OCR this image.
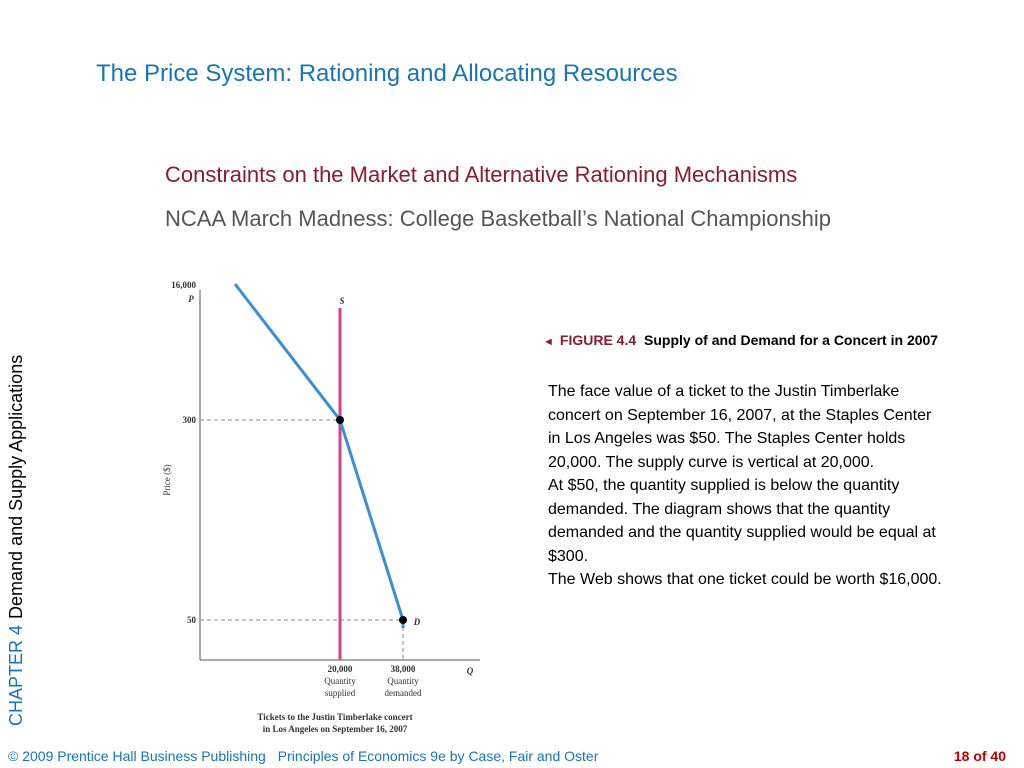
The Price System: Rationing and Allocating Resources
CHAPTER 4Demand and Supply Applications
Constraints on the Market and Alternative Rationing Mechanisms
NCAA March Madness: College Basketball’s National Championship
P
Q
16,000
300
50
Price ($)
S
D
20,000
Quantity
supplied
38,000
Quantity
demanded
Tickets to the Justin Timberlake concert
in Los Angeles on September 16, 2007
◄ FIGURE 4.4 Supply of and Demand for a Concert in 2007

The face value of a ticket to the Justin Timberlake concert on September 16, 2007, at the Staples Center in Los Angeles was $50. The Staples Center holds 20,000. The supply curve is vertical at 20,000.

At $50, the quantity supplied is below the quantity demanded. The diagram shows that the quantity demanded and the quantity supplied would be equal at $300.

The Web shows that one ticket could be worth $16,000.

© 2009 Prentice Hall Business Publishing Principles of Economics 9e by Case, Fair and Oster	18 of 40
